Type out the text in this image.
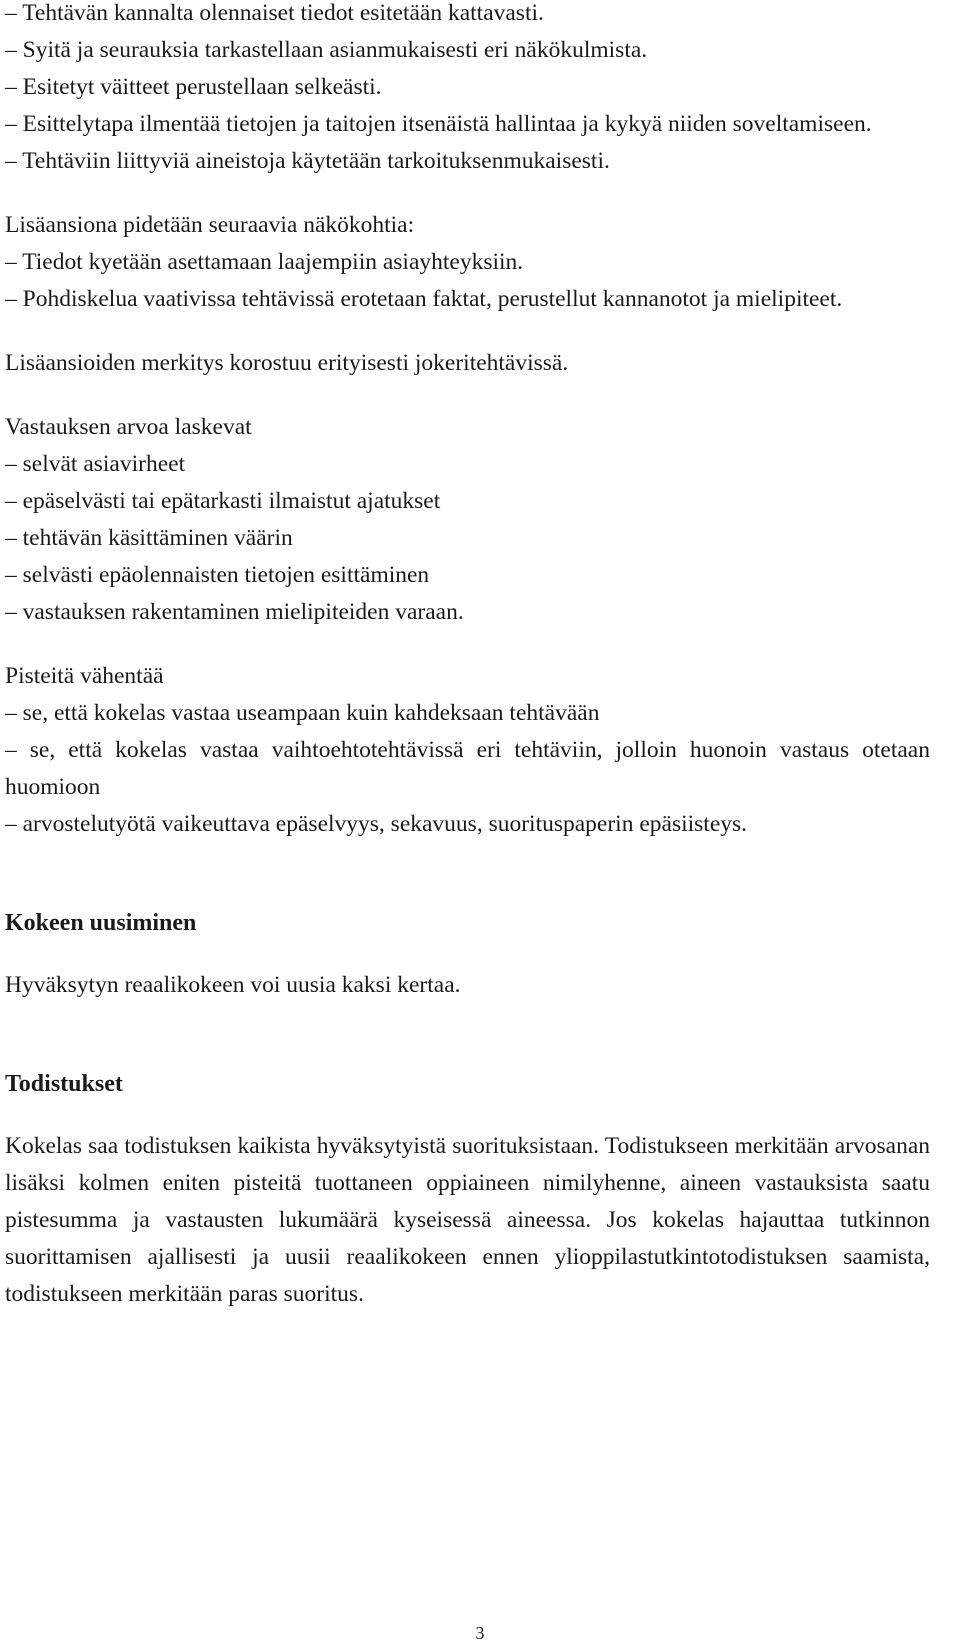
– Tehtävän kannalta olennaiset tiedot esitetään kattavasti.

– Syitä ja seurauksia tarkastellaan asianmukaisesti eri näkökulmista.

– Esitetyt väitteet perustellaan selkeästi.

– Esittelytapa ilmentää tietojen ja taitojen itsenäistä hallintaa ja kykyä niiden soveltamiseen.

– Tehtäviin liittyviä aineistoja käytetään tarkoituksenmukaisesti.

Lisäansiona pidetään seuraavia näkökohtia:

– Tiedot kyetään asettamaan laajempiin asiayhteyksiin.

– Pohdiskelua vaativissa tehtävissä erotetaan faktat, perustellut kannanotot ja mielipiteet.

Lisäansioiden merkitys korostuu erityisesti jokeritehtävissä.

Vastauksen arvoa laskevat

– selvät asiavirheet

– epäselvästi tai epätarkasti ilmaistut ajatukset

– tehtävän käsittäminen väärin

– selvästi epäolennaisten tietojen esittäminen

– vastauksen rakentaminen mielipiteiden varaan.

Pisteitä vähentää

– se, että kokelas vastaa useampaan kuin kahdeksaan tehtävään

– se, että kokelas vastaa vaihtoehtotehtävissä eri tehtäviin, jolloin huonoin vastaus otetaan huomioon

– arvostelutyötä vaikeuttava epäselvyys, sekavuus, suorituspaperin epäsiisteys.

Kokeen uusiminen

Hyväksytyn reaalikokeen voi uusia kaksi kertaa.

Todistukset

Kokelas saa todistuksen kaikista hyväksytyistä suorituksistaan. Todistukseen merkitään arvosanan lisäksi kolmen eniten pisteitä tuottaneen oppiaineen nimilyhenne, aineen vastauksista saatu pistesumma ja vastausten lukumäärä kyseisessä aineessa. Jos kokelas hajauttaa tutkinnon suorittamisen ajallisesti ja uusii reaalikokeen ennen ylioppilastutkintotodistuksen saamista, todistukseen merkitään paras suoritus.

3
